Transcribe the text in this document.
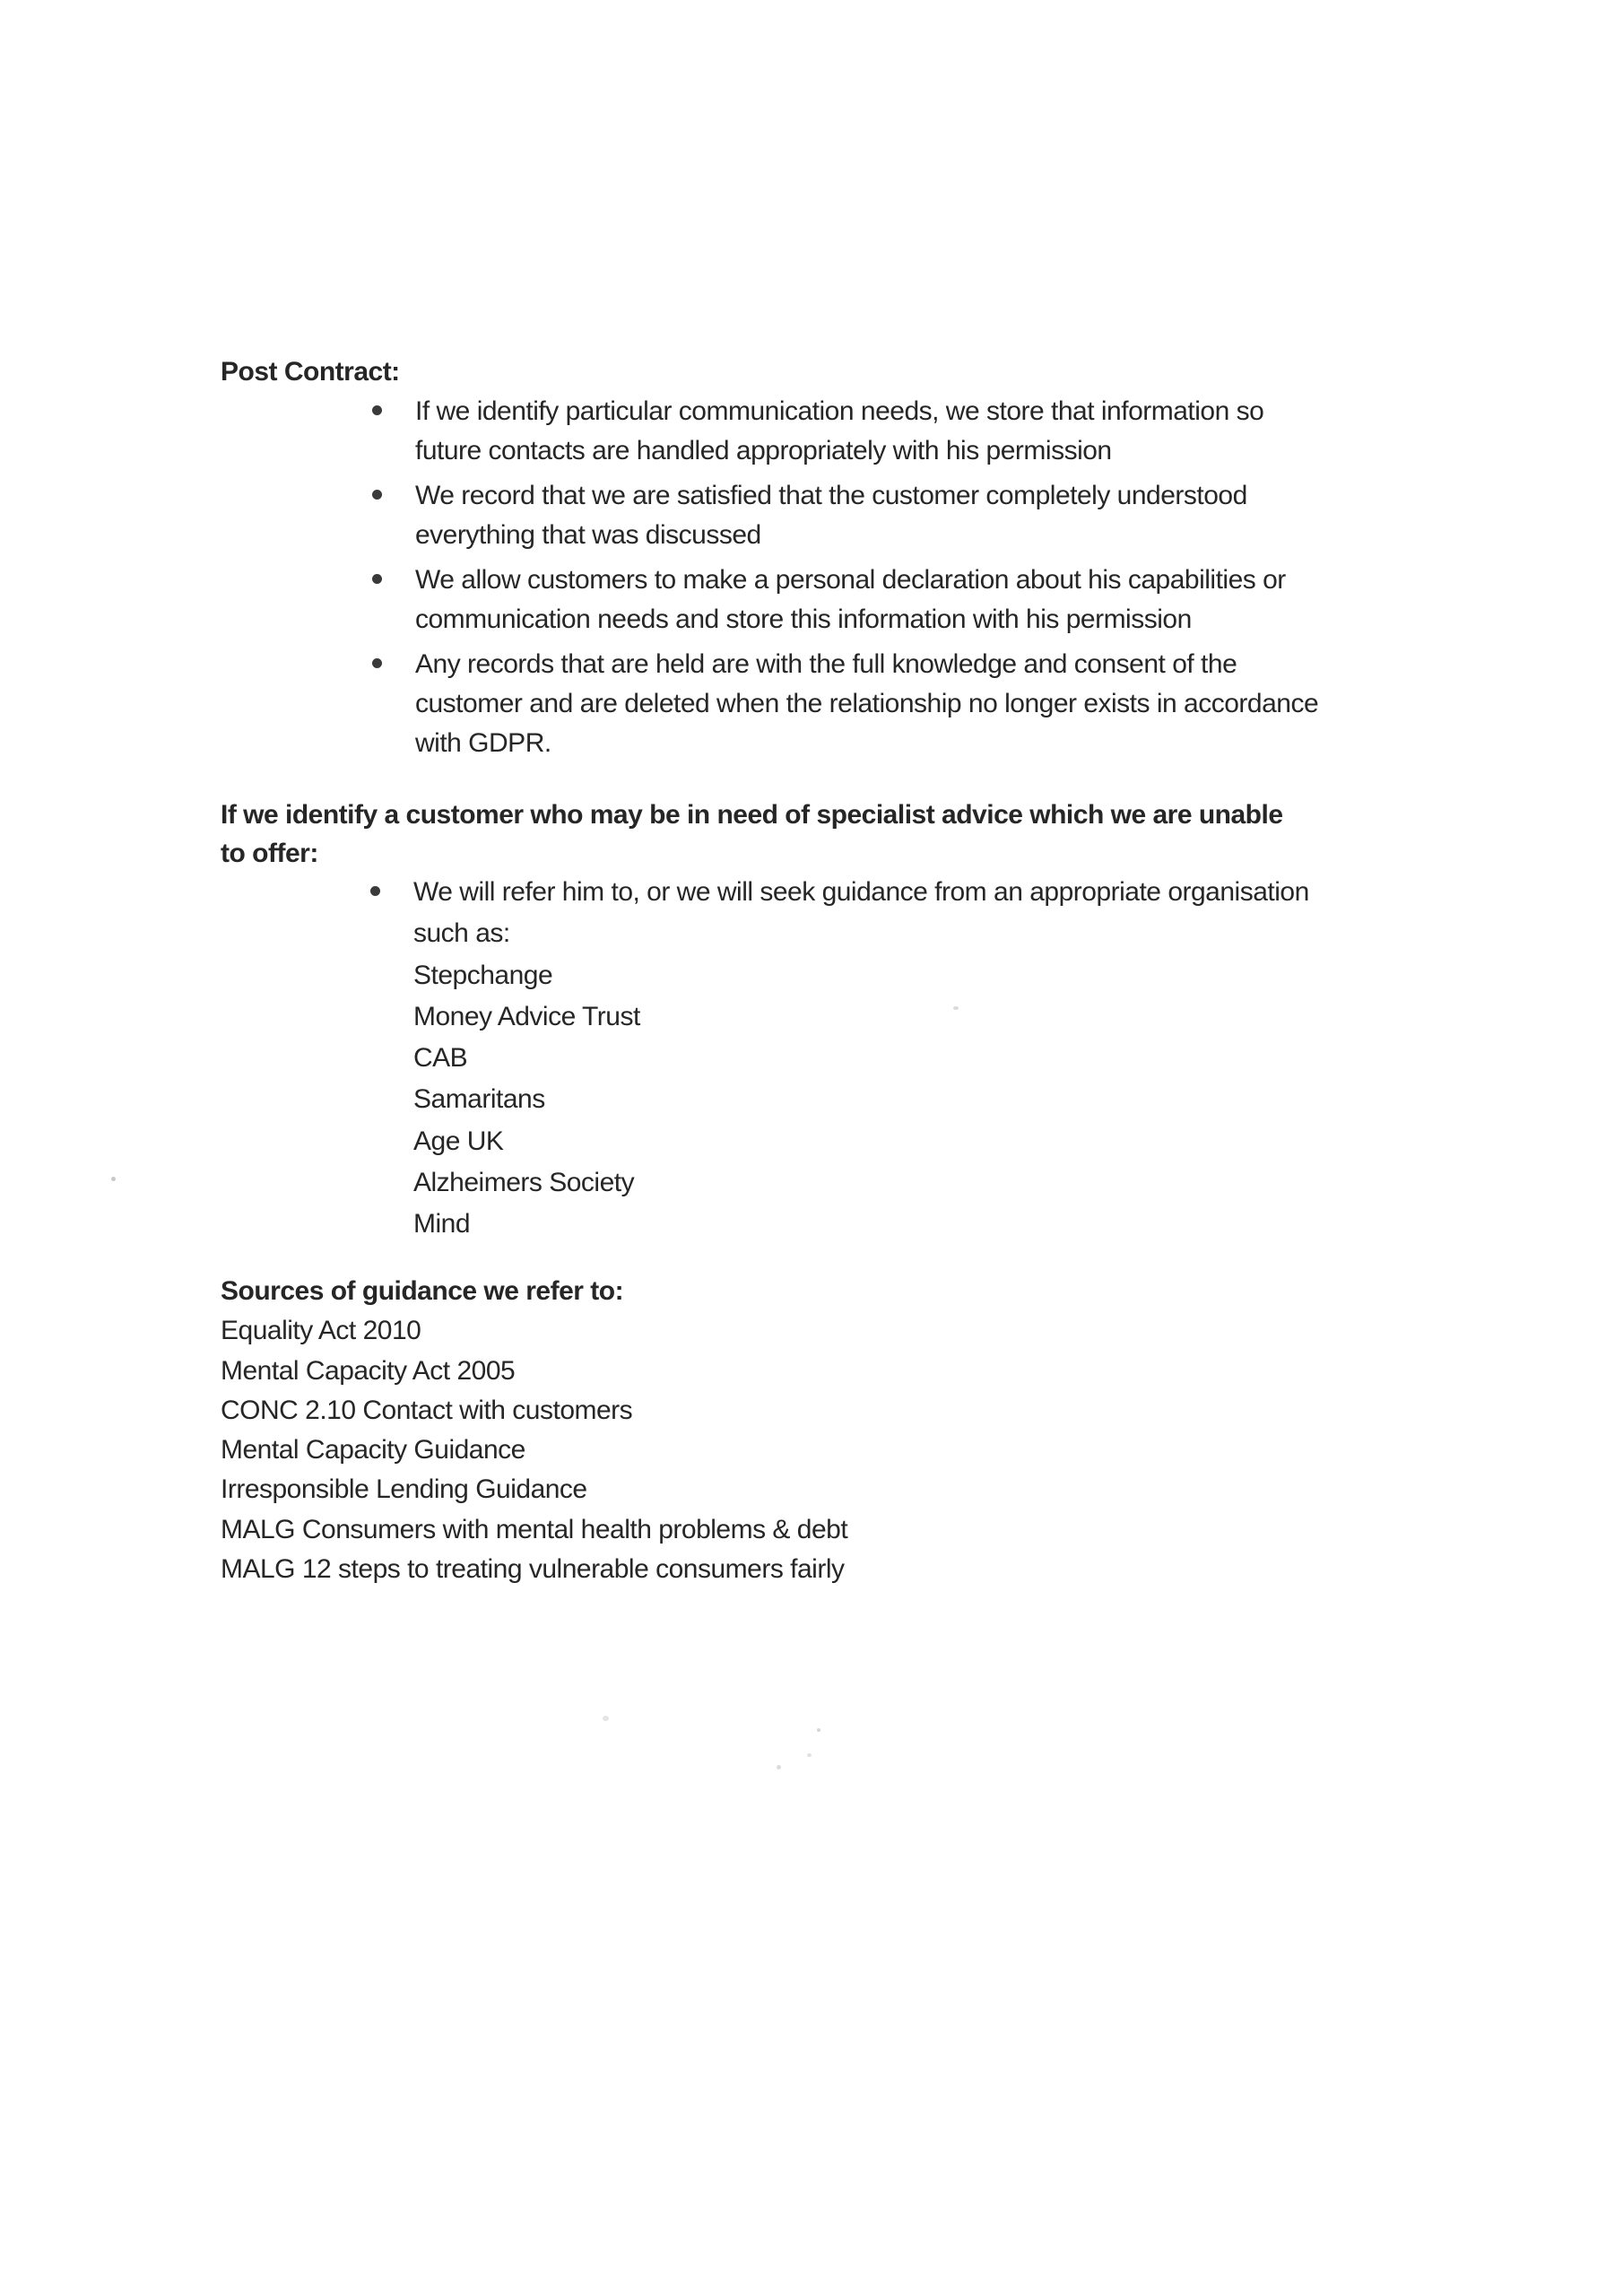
Post Contract:
If we identify particular communication needs, we store that information so
future contacts are handled appropriately with his permission
We record that we are satisfied that the customer completely understood
everything that was discussed
We allow customers to make a personal declaration about his capabilities or
communication needs and store this information with his permission
Any records that are held are with the full knowledge and consent of the
customer and are deleted when the relationship no longer exists in accordance
with GDPR.
If we identify a customer who may be in need of specialist advice which we are unable
to offer:
We will refer him to, or we will seek guidance from an appropriate organisation
such as:
Stepchange
Money Advice Trust
CAB
Samaritans
Age UK
Alzheimers Society
Mind
Sources of guidance we refer to:
Equality Act 2010
Mental Capacity Act 2005
CONC 2.10 Contact with customers
Mental Capacity Guidance
Irresponsible Lending Guidance
MALG Consumers with mental health problems & debt
MALG 12 steps to treating vulnerable consumers fairly
